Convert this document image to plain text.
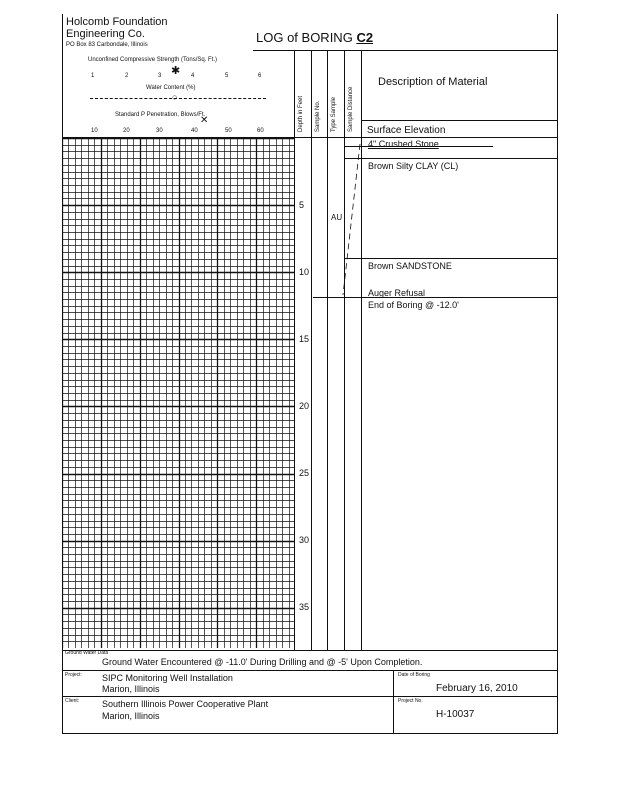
Holcomb Foundation
Engineering Co.
PO Box 83 Carbondale, Illinois	LOG of BORING C2
Unconfined Compressive Strength (Tons/Sq. Ft.)
1	2	3	4	5	6
✱
Water Content (%)
○
Standard P Penetration, Blows/Ft.
✕
10	20	30	40	50	60	Depth in Feet Sample No. Type Sample Sample Distance
Description of Material
Surface Elevation
5
10
15
20
25
30
35
AU
4" Crushed Stone
Brown Silty CLAY (CL)
Brown SANDSTONE
Auger Refusal
End of Boring @ -12.0'
Ground Water Data
Ground Water Encountered @ -11.0' During Drilling and @ -5' Upon Completion.
Project: SIPC Monitoring Well Installation
Marion, Illinois
Date of Boring
February 16, 2010
Client:	Southern Illinois Power Cooperative Plant
Marion, Illinois
Project No.
H-10037
